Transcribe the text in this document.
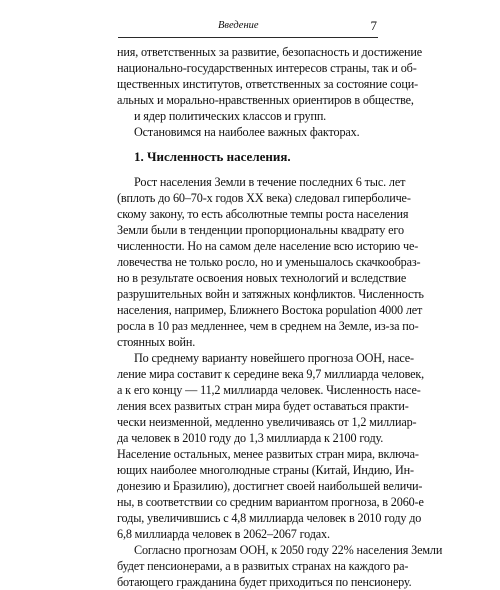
Введение	7
ния, ответственных за развитие, безопасность и достижение
национально-государственных интересов страны, так и об-
щественных институтов, ответственных за состояние соци-
альных и морально-нравственных ориентиров в обществе,
и ядер политических классов и групп.
Остановимся на наиболее важных факторах.
1. Численность населения.
Рост населения Земли в течение последних 6 тыс. лет
(вплоть до 60–70-х годов XX века) следовал гиперболиче-
скому закону, то есть абсолютные темпы роста населения
Земли были в тенденции пропорциональны квадрату его
численности. Но на самом деле население всю историю че-
ловечества не только росло, но и уменьшалось скачкообраз-
но в результате освоения новых технологий и вследствие
разрушительных войн и затяжных конфликтов. Численность
населения, например, Ближнего Востока population 4000 лет
росла в 10 раз медленнее, чем в среднем на Земле, из-за по-
стоянных войн.
По среднему варианту новейшего прогноза ООН, насе-
ление мира составит к середине века 9,7 миллиарда человек,
а к его концу — 11,2 миллиарда человек. Численность насе-
ления всех развитых стран мира будет оставаться практи-
чески неизменной, медленно увеличиваясь от 1,2 миллиар-
да человек в 2010 году до 1,3 миллиарда к 2100 году.
Население остальных, менее развитых стран мира, включа-
ющих наиболее многолюдные страны (Китай, Индию, Ин-
донезию и Бразилию), достигнет своей наибольшей величи-
ны, в соответствии со средним вариантом прогноза, в 2060-е
годы, увеличившись с 4,8 миллиарда человек в 2010 году до
6,8 миллиарда человек в 2062–2067 годах.
Согласно прогнозам ООН, к 2050 году 22% населения Земли
будет пенсионерами, а в развитых странах на каждого ра-
ботающего гражданина будет приходиться по пенсионеру.
